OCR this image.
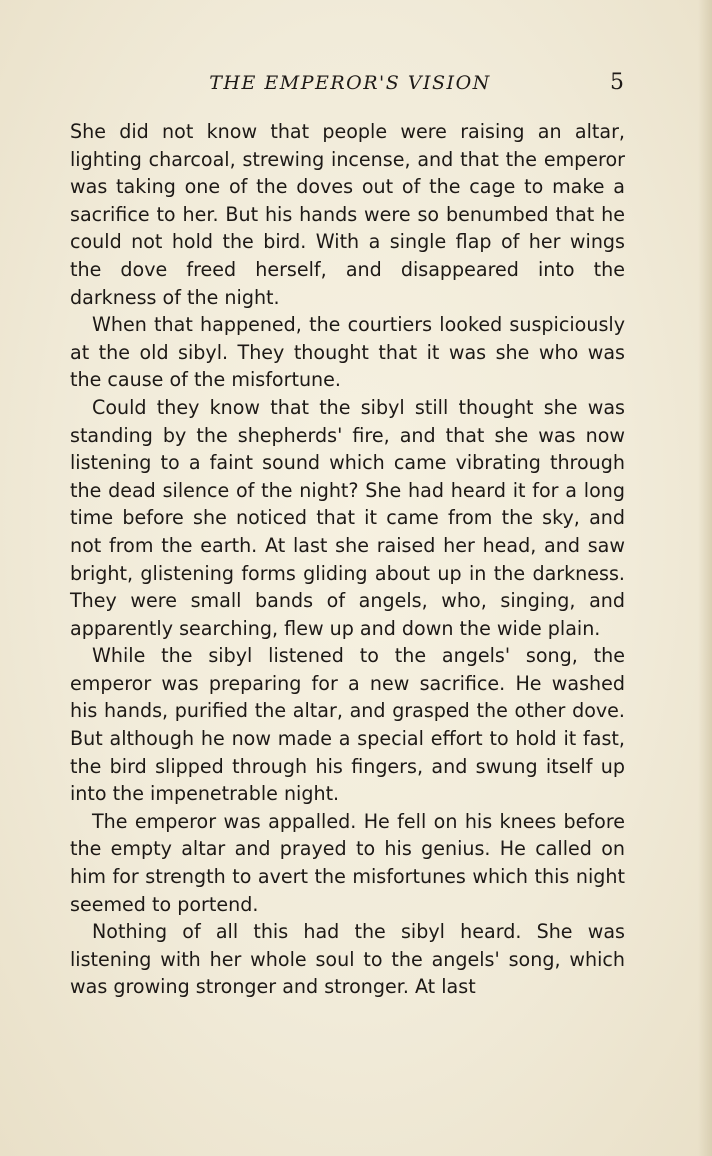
THE EMPEROR'S VISION	5

She did not know that people were raising an altar, lighting charcoal, strewing incense, and that the emperor was taking one of the doves out of the cage to make a sacrifice to her. But his hands were so benumbed that he could not hold the bird. With a single flap of her wings the dove freed herself, and disappeared into the darkness of the night.

When that happened, the courtiers looked suspiciously at the old sibyl. They thought that it was she who was the cause of the misfortune.

Could they know that the sibyl still thought she was standing by the shepherds' fire, and that she was now listening to a faint sound which came vibrating through the dead silence of the night? She had heard it for a long time before she noticed that it came from the sky, and not from the earth. At last she raised her head, and saw bright, glistening forms gliding about up in the darkness. They were small bands of angels, who, singing, and apparently searching, flew up and down the wide plain.

While the sibyl listened to the angels' song, the emperor was preparing for a new sacrifice. He washed his hands, purified the altar, and grasped the other dove. But although he now made a special effort to hold it fast, the bird slipped through his fingers, and swung itself up into the impenetrable night.

The emperor was appalled. He fell on his knees before the empty altar and prayed to his genius. He called on him for strength to avert the misfortunes which this night seemed to portend.

Nothing of all this had the sibyl heard. She was listening with her whole soul to the angels' song, which was growing stronger and stronger. At last
